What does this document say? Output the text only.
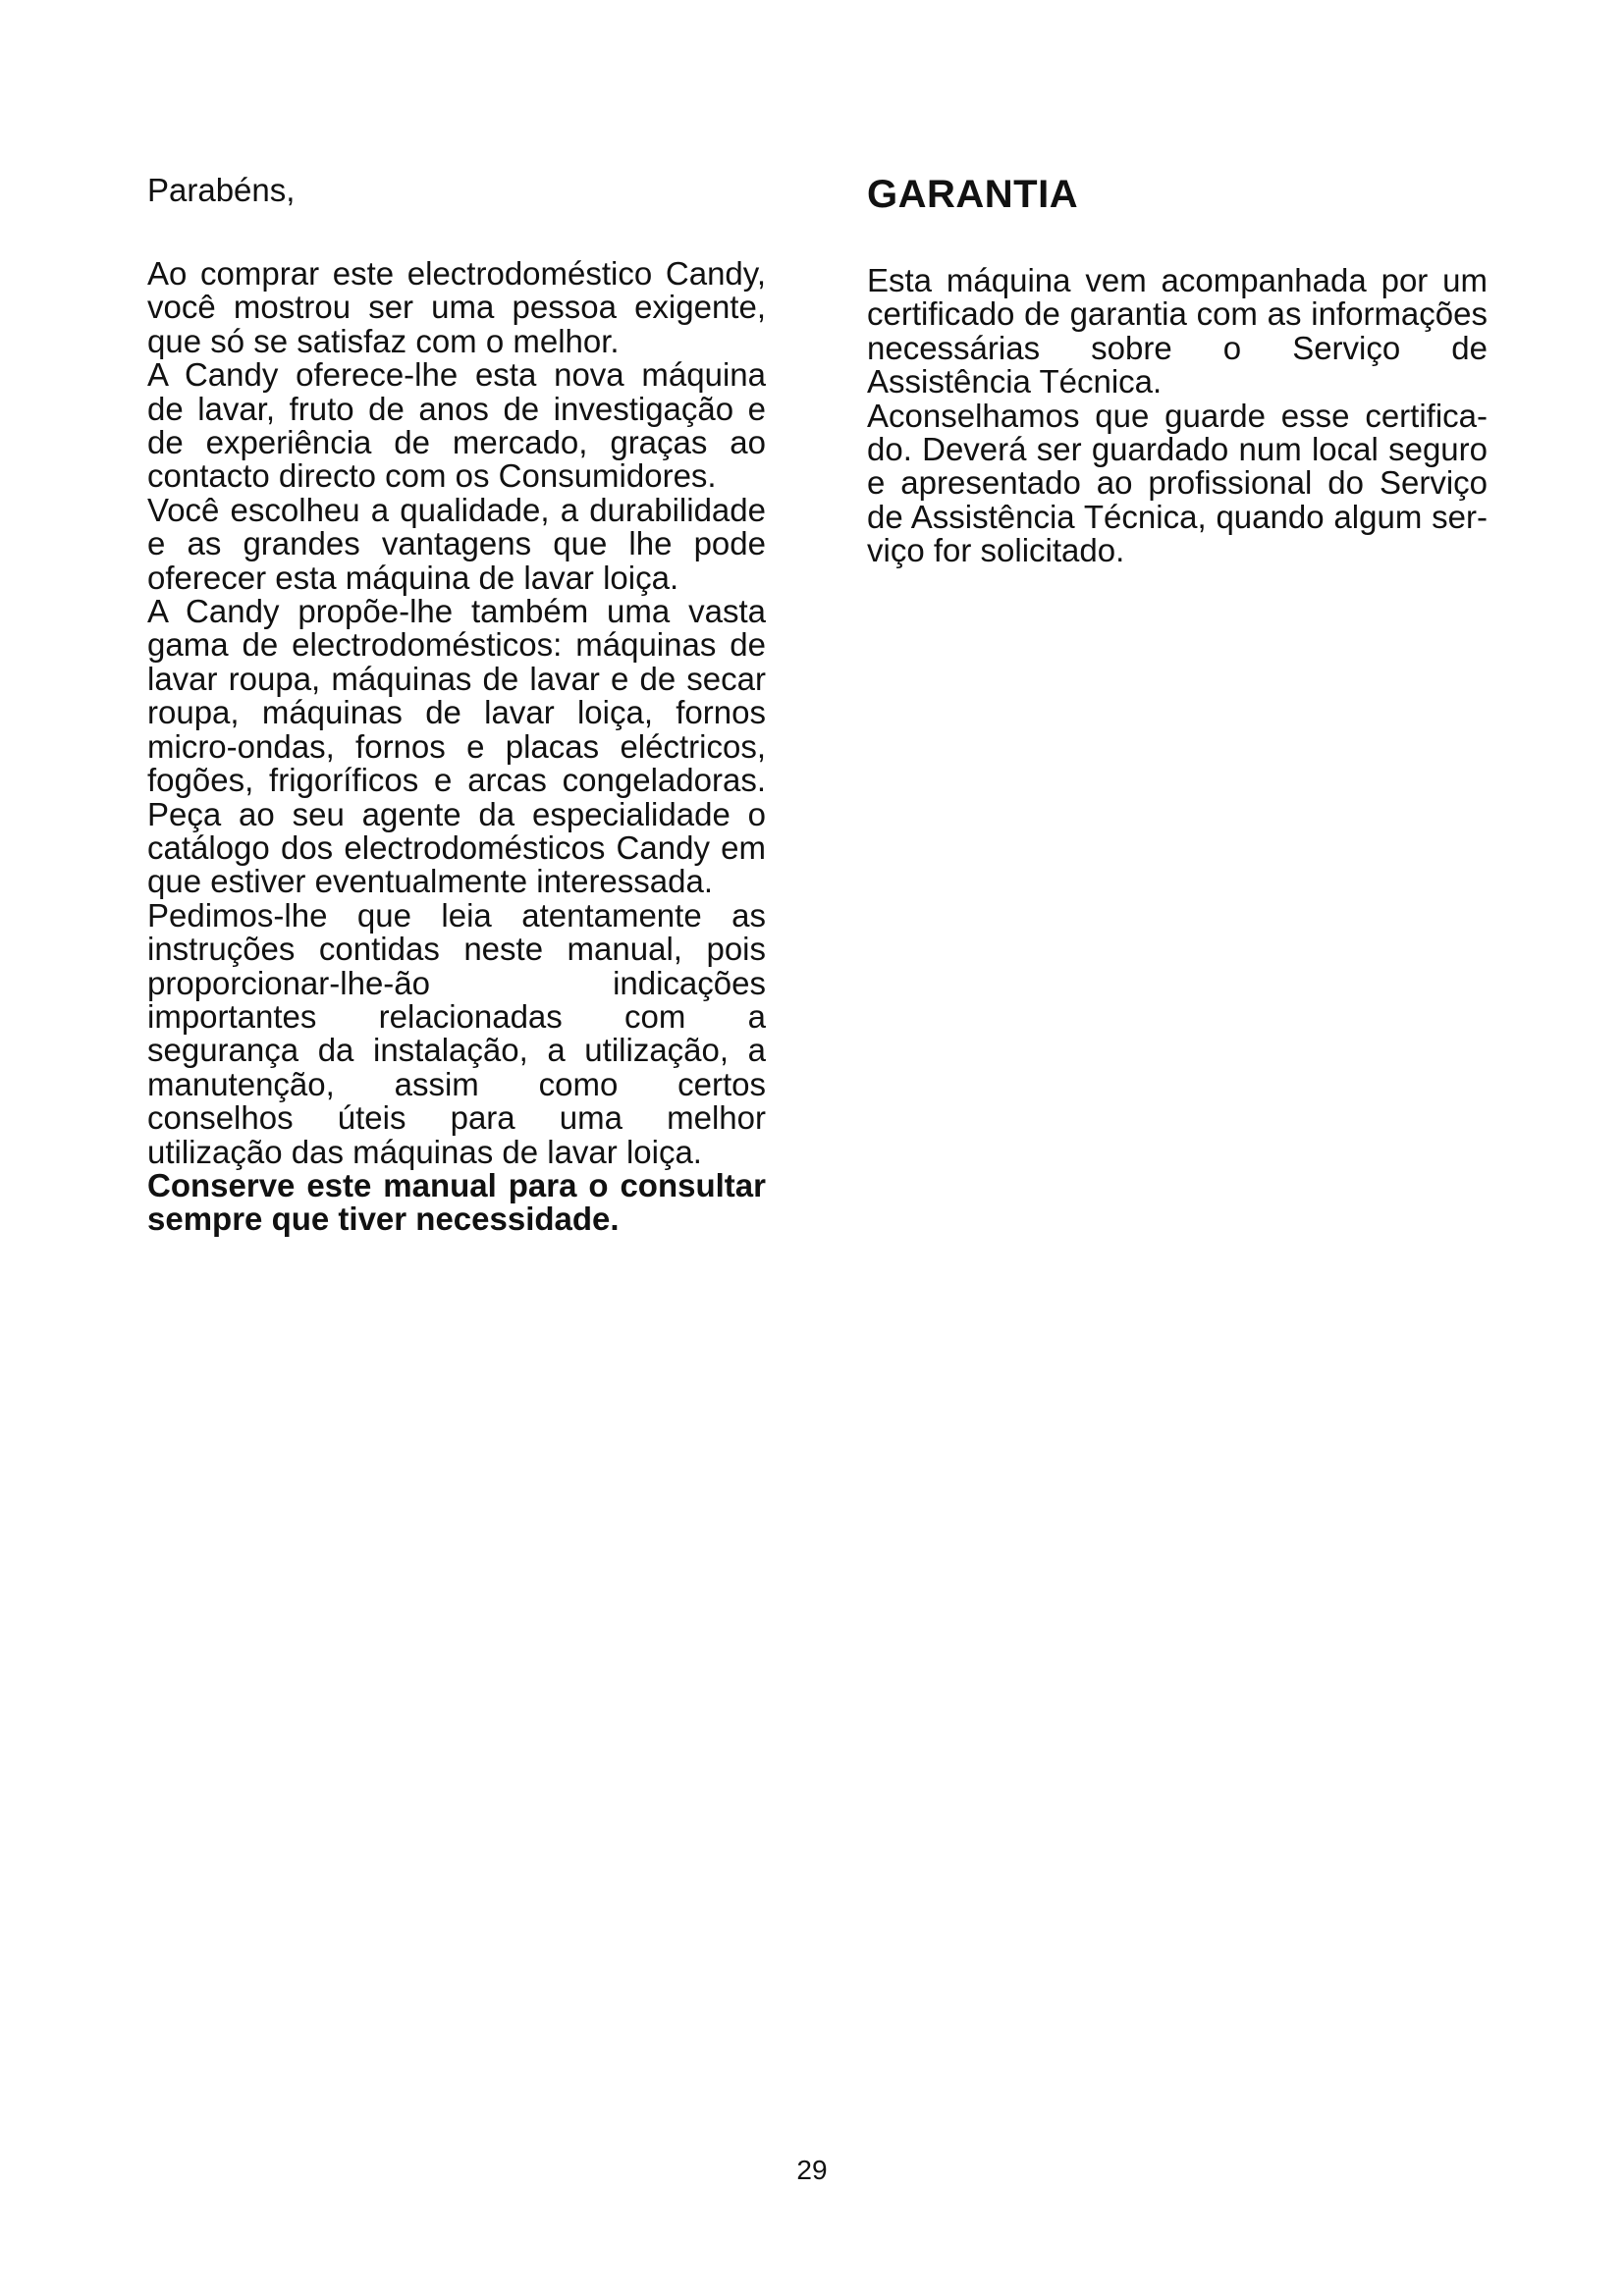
Parabéns,

Ao comprar este electrodoméstico Candy, você mostrou ser uma pessoa exigente, que só se satisfaz com o melhor.

A Candy oferece-lhe esta nova máquina de lavar, fruto de anos de investigação e de experiência de mercado, graças ao contacto directo com os Consumidores.

Você escolheu a qualidade, a durabilidade e as grandes vantagens que lhe pode oferecer esta máquina de lavar loiça.

A Candy propõe-lhe também uma vasta gama de electrodomésticos: máquinas de lavar roupa, máquinas de lavar e de secar roupa, máquinas de lavar loiça, fornos micro-ondas, fornos e placas eléctricos, fogões, frigoríficos e arcas congeladoras. Peça ao seu agente da especialidade o catálogo dos electrodomésticos Candy em que estiver eventualmente interessada.

Pedimos-lhe que leia atentamente as instruções contidas neste manual, pois proporcionar-lhe-ão indicações importantes relacionadas com a segurança da instalação, a utilização, a manutenção, assim como certos conselhos úteis para uma melhor utilização das máquinas de lavar loiça.

Conserve este manual para o consultar sempre que tiver necessidade.

GARANTIA

Esta máquina vem acompanhada por um certificado de garantia com as informações necessárias sobre o Serviço de Assistência Técnica.

Aconselhamos que guarde esse certifica-do. Deverá ser guardado num local seguro e apresentado ao profissional do Serviço de Assistência Técnica, quando algum ser-viço for solicitado.

29
